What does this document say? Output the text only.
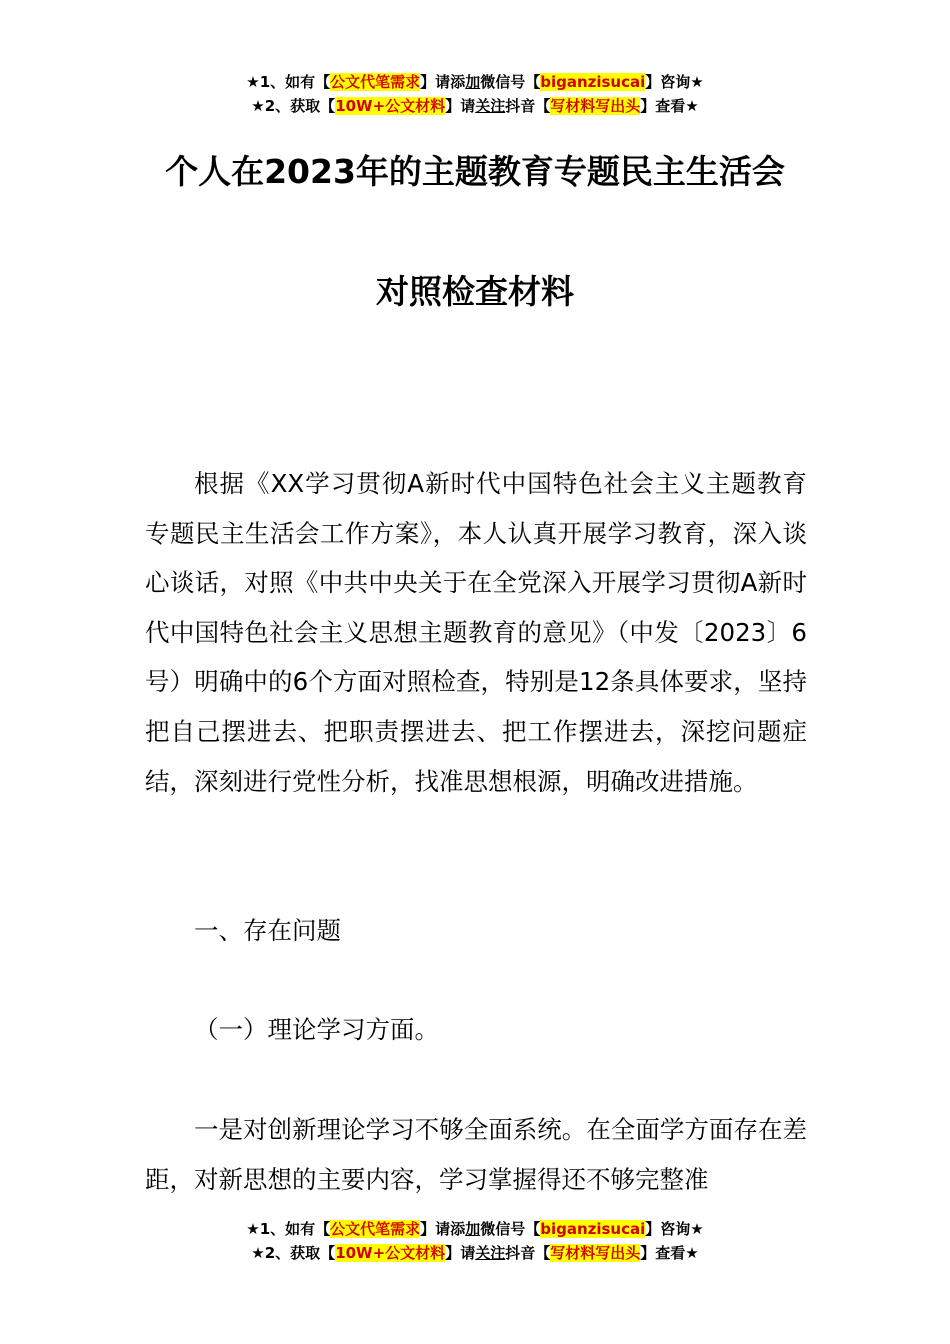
★1、如有【公文代笔需求】请添加微信号【biganzisucai】咨询★
★2、获取【10W+公文材料】请关注抖音【写材料写出头】查看★
个人在2023年的主题教育专题民主生活会
对照检查材料

根据《XX学习贯彻A新时代中国特色社会主义主题教育专题民主生活会工作方案》，本人认真开展学习教育，深入谈心谈话，对照《中共中央关于在全党深入开展学习贯彻A新时代中国特色社会主义思想主题教育的意见》（中发〔2023〕6号）明确中的6个方面对照检查，特别是12条具体要求，坚持把自己摆进去、把职责摆进去、把工作摆进去，深挖问题症结，深刻进行党性分析，找准思想根源，明确改进措施。

一、存在问题

（一）理论学习方面。

一是对创新理论学习不够全面系统。在全面学方面存在差距，对新思想的主要内容，学习掌握得还不够完整准

★1、如有【公文代笔需求】请添加微信号【biganzisucai】咨询★
★2、获取【10W+公文材料】请关注抖音【写材料写出头】查看★
